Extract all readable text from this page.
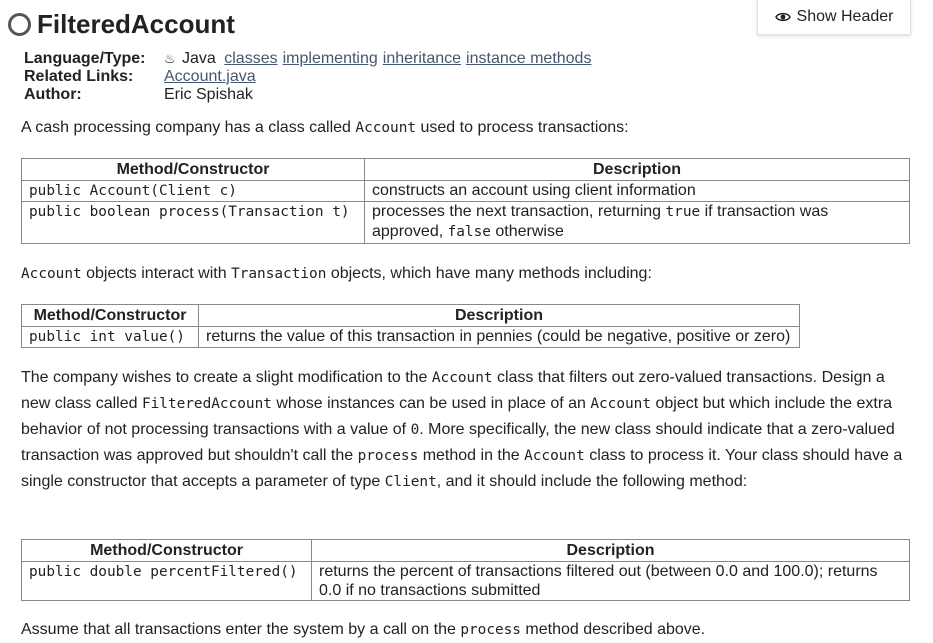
Show Header
FilteredAccount
Language/Type:	♨ Java classes implementing inheritance instance methods
Related Links:	Account.java
Author:	Eric Spishak

A cash processing company has a class called Account used to process transactions:

Method/Constructor	Description
public Account(Client c)	constructs an account using client information
public boolean process(Transaction t)	processes the next transaction, returning true if transaction was approved, false otherwise

Account objects interact with Transaction objects, which have many methods including:

Method/Constructor	Description
public int value()	returns the value of this transaction in pennies (could be negative, positive or zero)

The company wishes to create a slight modification to the Account class that filters out zero-valued transactions. Design a new class called FilteredAccount whose instances can be used in place of an Account object but which include the extra behavior of not processing transactions with a value of 0. More specifically, the new class should indicate that a zero-valued transaction was approved but shouldn't call the process method in the Account class to process it. Your class should have a single constructor that accepts a parameter of type Client, and it should include the following method:

Method/Constructor	Description
public double percentFiltered()	returns the percent of transactions filtered out (between 0.0 and 100.0); returns 0.0 if no transactions submitted

Assume that all transactions enter the system by a call on the process method described above.
